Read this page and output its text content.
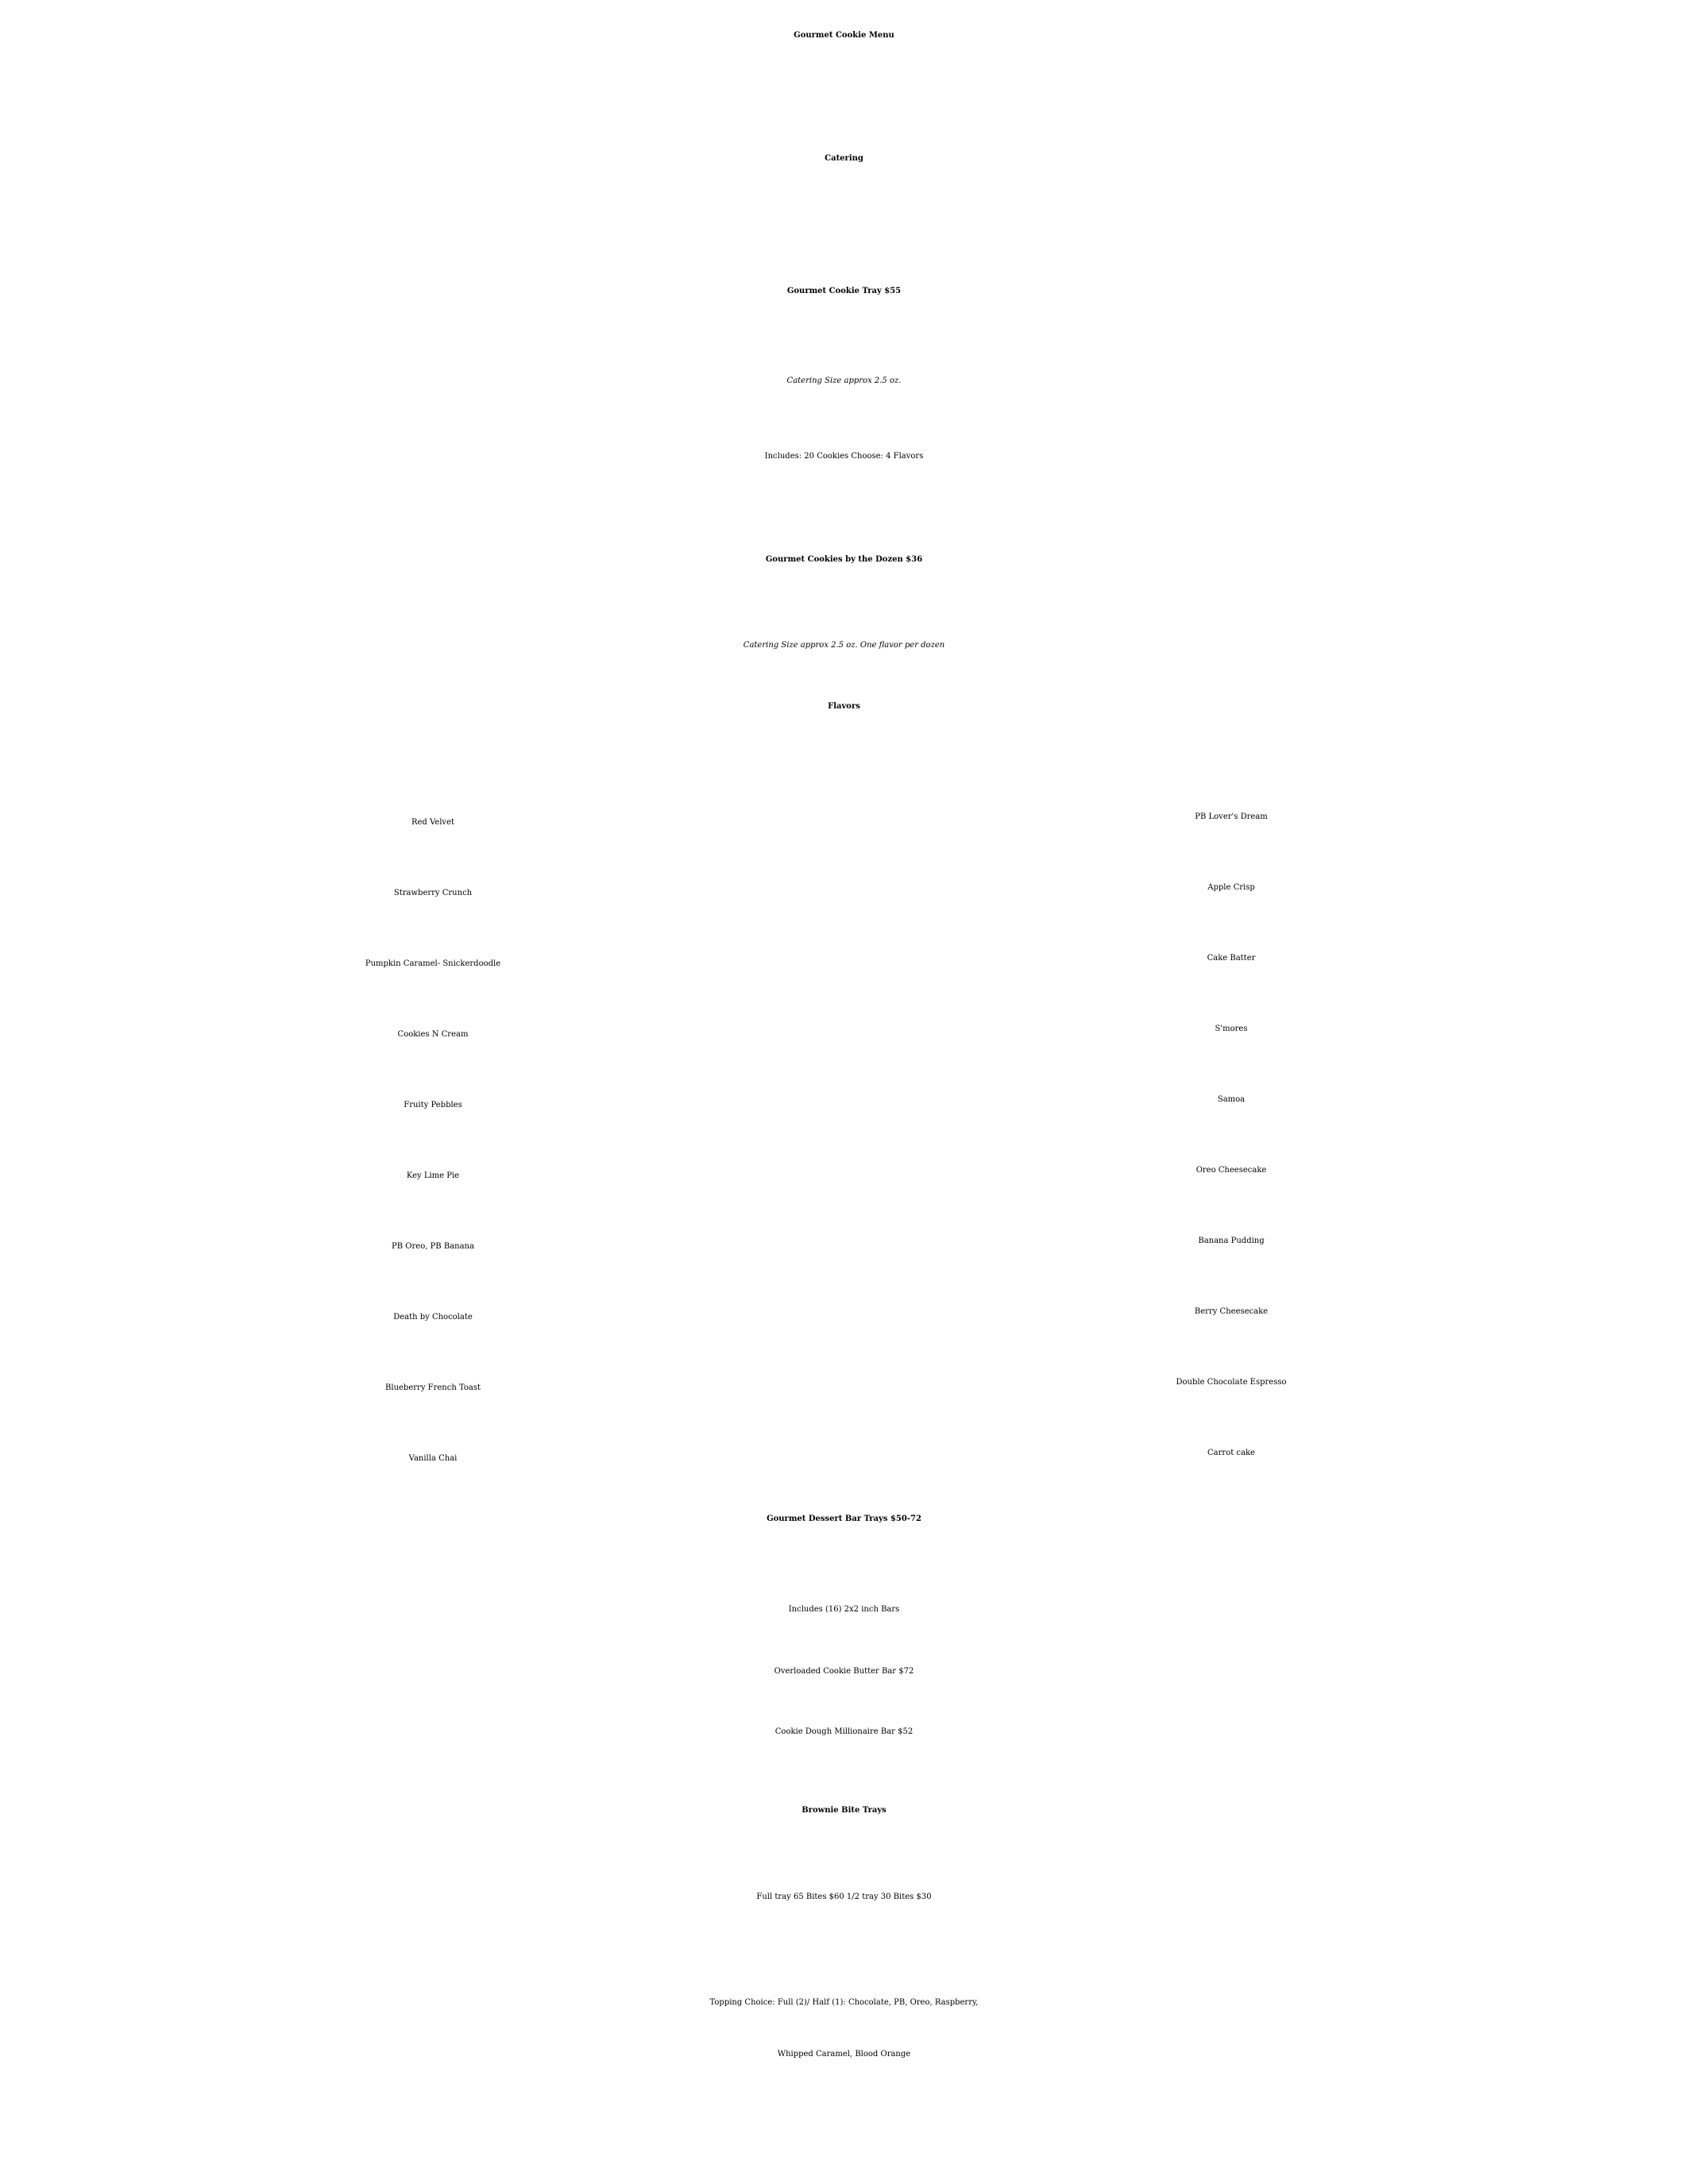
Gourmet Cookie Menu
Catering
Gourmet Cookie Tray $55
Catering Size approx 2.5 oz.
Includes: 20 Cookies Choose: 4 Flavors
Gourmet Cookies by the Dozen $36
Catering Size approx 2.5 oz. One flavor per dozen
Flavors
Red Velvet
Strawberry Crunch
Pumpkin Caramel- Snickerdoodle
Cookies N Cream
Fruity Pebbles
Key Lime Pie
PB Oreo, PB Banana
Death by Chocolate
Blueberry French Toast
Vanilla Chai
PB Lover's Dream
Apple Crisp
Cake Batter
S'mores
Samoa
Oreo Cheesecake
Banana Pudding
Berry Cheesecake
Double Chocolate Espresso
Carrot cake
Gourmet Dessert Bar Trays $50-72
Includes (16) 2x2 inch Bars
Overloaded Cookie Butter Bar $72
Cookie Dough Millionaire Bar $52
Brownie Bite Trays
Full tray 65 Bites $60 1/2 tray 30 Bites $30
Topping Choice: Full (2)/ Half (1): Chocolate, PB, Oreo, Raspberry,
Whipped Caramel, Blood Orange
